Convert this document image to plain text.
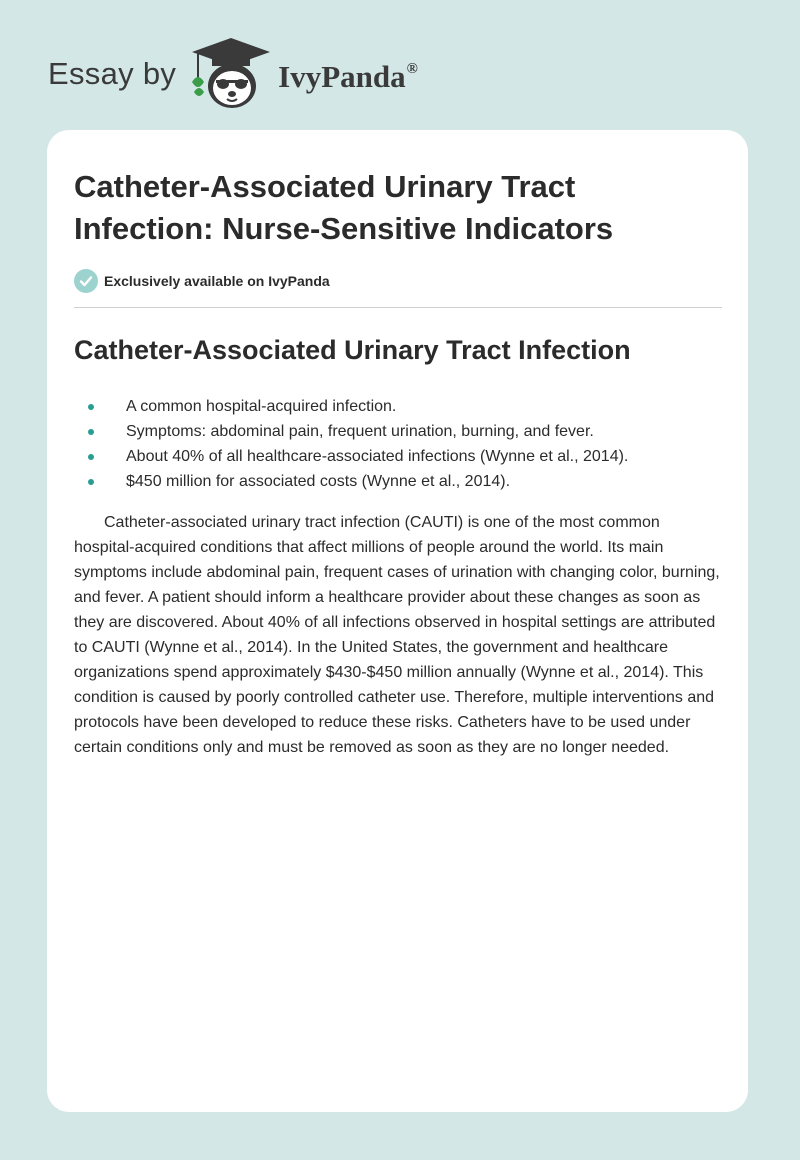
Essay by	IvyPanda®
Catheter-Associated Urinary Tract Infection: Nurse-Sensitive Indicators
Exclusively available on IvyPanda
Catheter-Associated Urinary Tract Infection
A common hospital-acquired infection.
Symptoms: abdominal pain, frequent urination, burning, and fever.
About 40% of all healthcare-associated infections (Wynne et al., 2014).
$450 million for associated costs (Wynne et al., 2014).

Catheter-associated urinary tract infection (CAUTI) is one of the most common hospital-acquired conditions that affect millions of people around the world. Its main symptoms include abdominal pain, frequent cases of urination with changing color, burning, and fever. A patient should inform a healthcare provider about these changes as soon as they are discovered. About 40% of all infections observed in hospital settings are attributed to CAUTI (Wynne et al., 2014). In the United States, the government and healthcare organizations spend approximately $430-$450 million annually (Wynne et al., 2014). This condition is caused by poorly controlled catheter use. Therefore, multiple interventions and protocols have been developed to reduce these risks. Catheters have to be used under certain conditions only and must be removed as soon as they are no longer needed.
